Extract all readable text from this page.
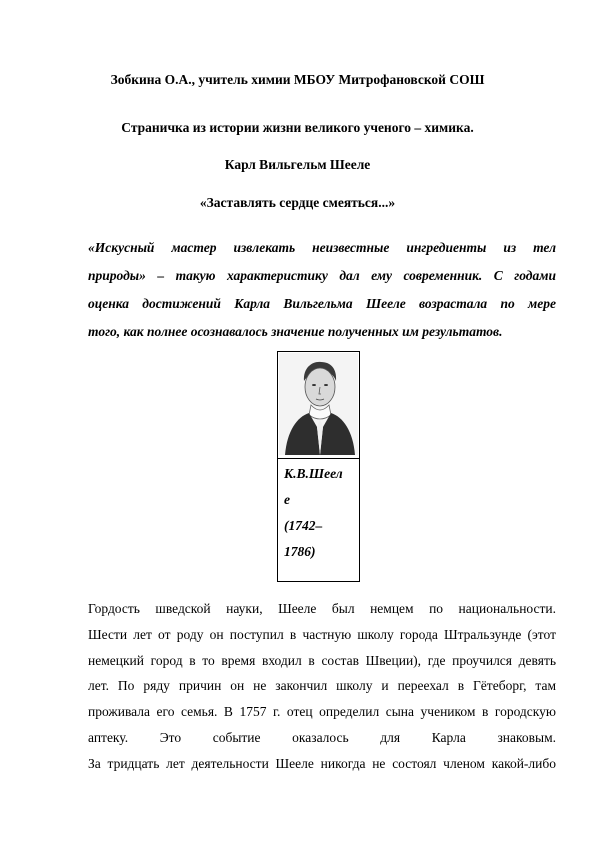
Зобкина О.А., учитель химии МБОУ Митрофановской СОШ
Страничка из истории жизни великого ученого – химика.
Карл Вильгельм Шееле
«Заставлять сердце смеяться...»
«Искусный мастер извлекать неизвестные ингредиенты из тел
природы» – такую характеристику дал ему современник. С годами
оценка достижений Карла Вильгельма Шееле возрастала по мере
того, как полнее осознавалось значение полученных им результатов.
К.В.Шеел
е
(1742–
1786)
Гордость шведской науки, Шееле был немцем по национальности.
Шести лет от роду он поступил в частную школу города Штральзунде (этот
немецкий город в то время входил в состав Швеции), где проучился девять
лет. По ряду причин он не закончил школу и переехал в Гётеборг, там
проживала его семья. В 1757 г. отец определил сына учеником в городскую
аптеку. Это событие оказалось для Карла знаковым.
За тридцать лет деятельности Шееле никогда не состоял членом какой-либо
